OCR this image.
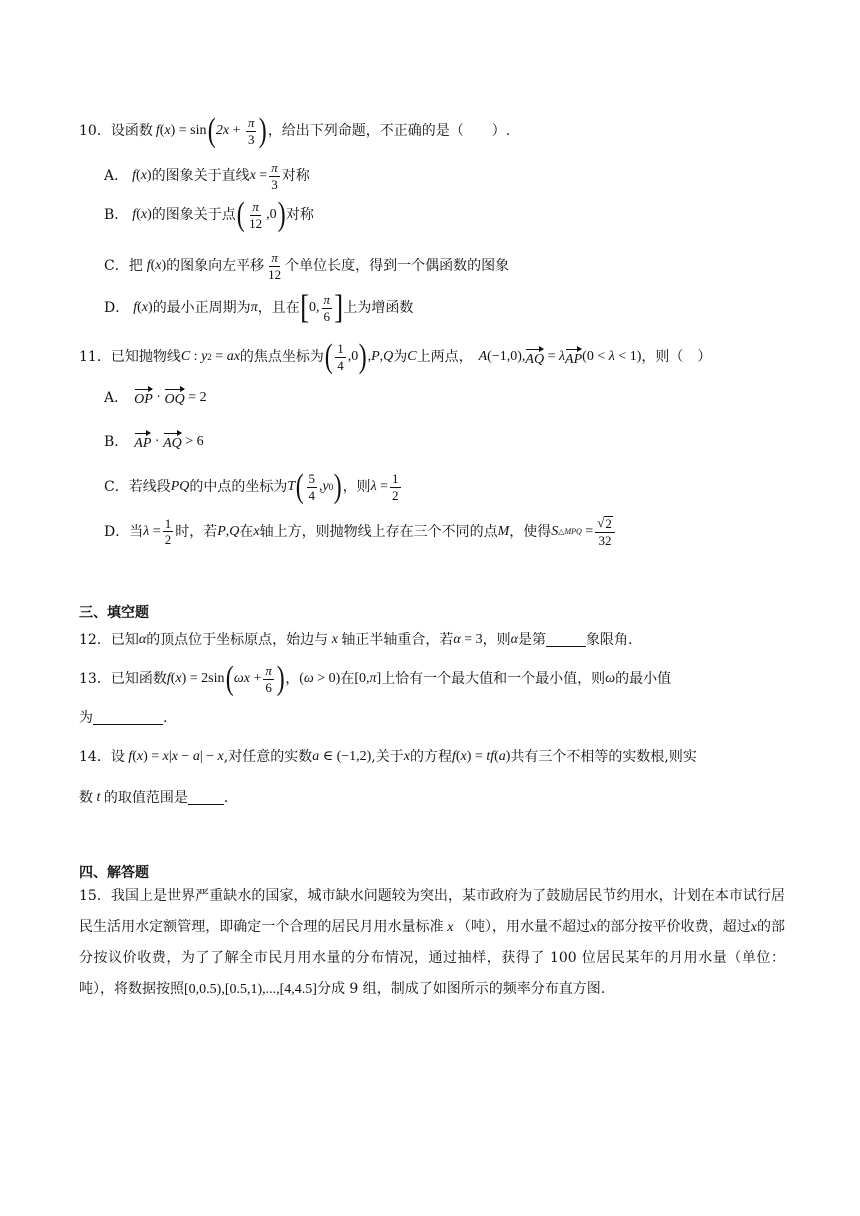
10．设函数 f ( x ) = sin ( $2x + \frac{\pi}{3}$ ) ，给出下列命题，不正确的是（　　）.
A． f ( x ) 的图象关于直线 $x = \frac{\pi}{3}$ 对称
B． f ( x ) 的图象关于点 ( $\frac{\pi}{12} ,0$ ) 对称
C．把 f ( x ) 的图象向左平移 $\frac{\pi}{12}$ 个单位长度，得到一个偶函数的图象
D． f ( x ) 的最小正周期为 π ，且在 [ 0, $\frac{\pi}{6}$ ] 上为增函数
11．已知抛物线 C : y 2 = ax 的焦点坐标为 ( $\frac{1}{4} ,0$ ) , P , Q 为 C 上两点， A (−1,0), AQ = λ AP (0 < λ < 1) ，则（　）
A． OP · OQ
= 2
B． AP · AQ
> 6
C．若线段 PQ 的中点的坐标为 T ( $\frac{5}{4}$ , y 0 ) ，则 $\lambda = \frac{1}{2}$
D．当 $\lambda = \frac{1}{2}$ 时，若 P , Q 在 x 轴上方，则抛物线上存在三个不同的点 M ，使得 S △MPQ = $\frac{√ 2}{32}$
三、填空题
12．已知 α 的顶点位于坐标原点，始边与 x 轴正半轴重合，若 α = 3 ，则 α 是第	象限角.
13．已知函数 f ( x ) = 2sin ( $\omega x + \frac{\pi}{6}$ ) ， ( ω > 0) 在 [0, π ] 上恰有一个最大值和一个最小值，则 ω 的最小值
为	.
14．设 f ( x ) = x | x − a | − x ,对任意的实数 a ∈ (−1,2) ,关于 x 的方程 f ( x ) = tf ( a ) 共有三个不相等的实数根,则实
数 t 的取值范围是	.
四、解答题
15．我国上是世界严重缺水的国家，城市缺水问题较为突出，某市政府为了鼓励居民节约用水，计划在本市试行居民生活用水定额管理，即确定一个合理的居民月用水量标准 x （吨），用水量不超过x的部分按平价收费，超过x的部分按议价收费，为了了解全市民月用水量的分布情况，通过抽样，获得了 100 位居民某年的月用水量（单位：吨），将数据按照[0,0.5),[0.5,1),...,[4,4.5]分成 9 组，制成了如图所示的频率分布直方图.
